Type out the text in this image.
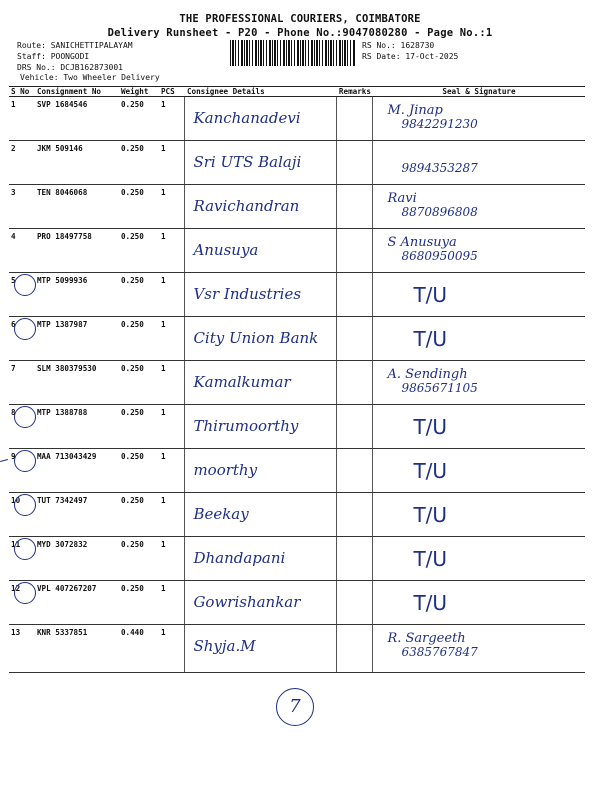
THE PROFESSIONAL COURIERS, COIMBATORE
Delivery Runsheet - P20 - Phone No.:9047080280 - Page No.:1
Route: SANICHETTIPALAYAM
Staff: POONGODI
DRS No.: DCJB162873001
Vehicle: Two Wheeler Delivery
RS No.: 1628730
RS Date: 17-Oct-2025
S No	Consignment No	Weight	PCS	Consignee Details	Remarks	Seal & Signature
1	SVP 1684546	0.250	1	Kanchanadevi		M. Jinap
9842291230

2	JKM 509146	0.250	1	Sri UTS Balaji		9894353287

3	TEN 8046068	0.250	1	Ravichandran		Ravi
8870896808

4	PRO 18497758	0.250	1	Anusuya		S Anusuya
8680950095

5	MTP 5099936	0.250	1	Vsr Industries		T/U

6	MTP 1387987	0.250	1	City Union Bank		T/U

7	SLM 380379530	0.250	1	Kamalkumar		A. Sendingh
9865671105

8	MTP 1388788	0.250	1	Thirumoorthy		T/U

9	MAA 713043429	0.250	1	moorthy		T/U

10	TUT 7342497	0.250	1	Beekay		T/U

11	MYD 3072832	0.250	1	Dhandapani		T/U

12	VPL 407267207	0.250	1	Gowrishankar		T/U

13	KNR 5337851	0.440	1	Shyja.M		R. Sargeeth
6385767847
7
